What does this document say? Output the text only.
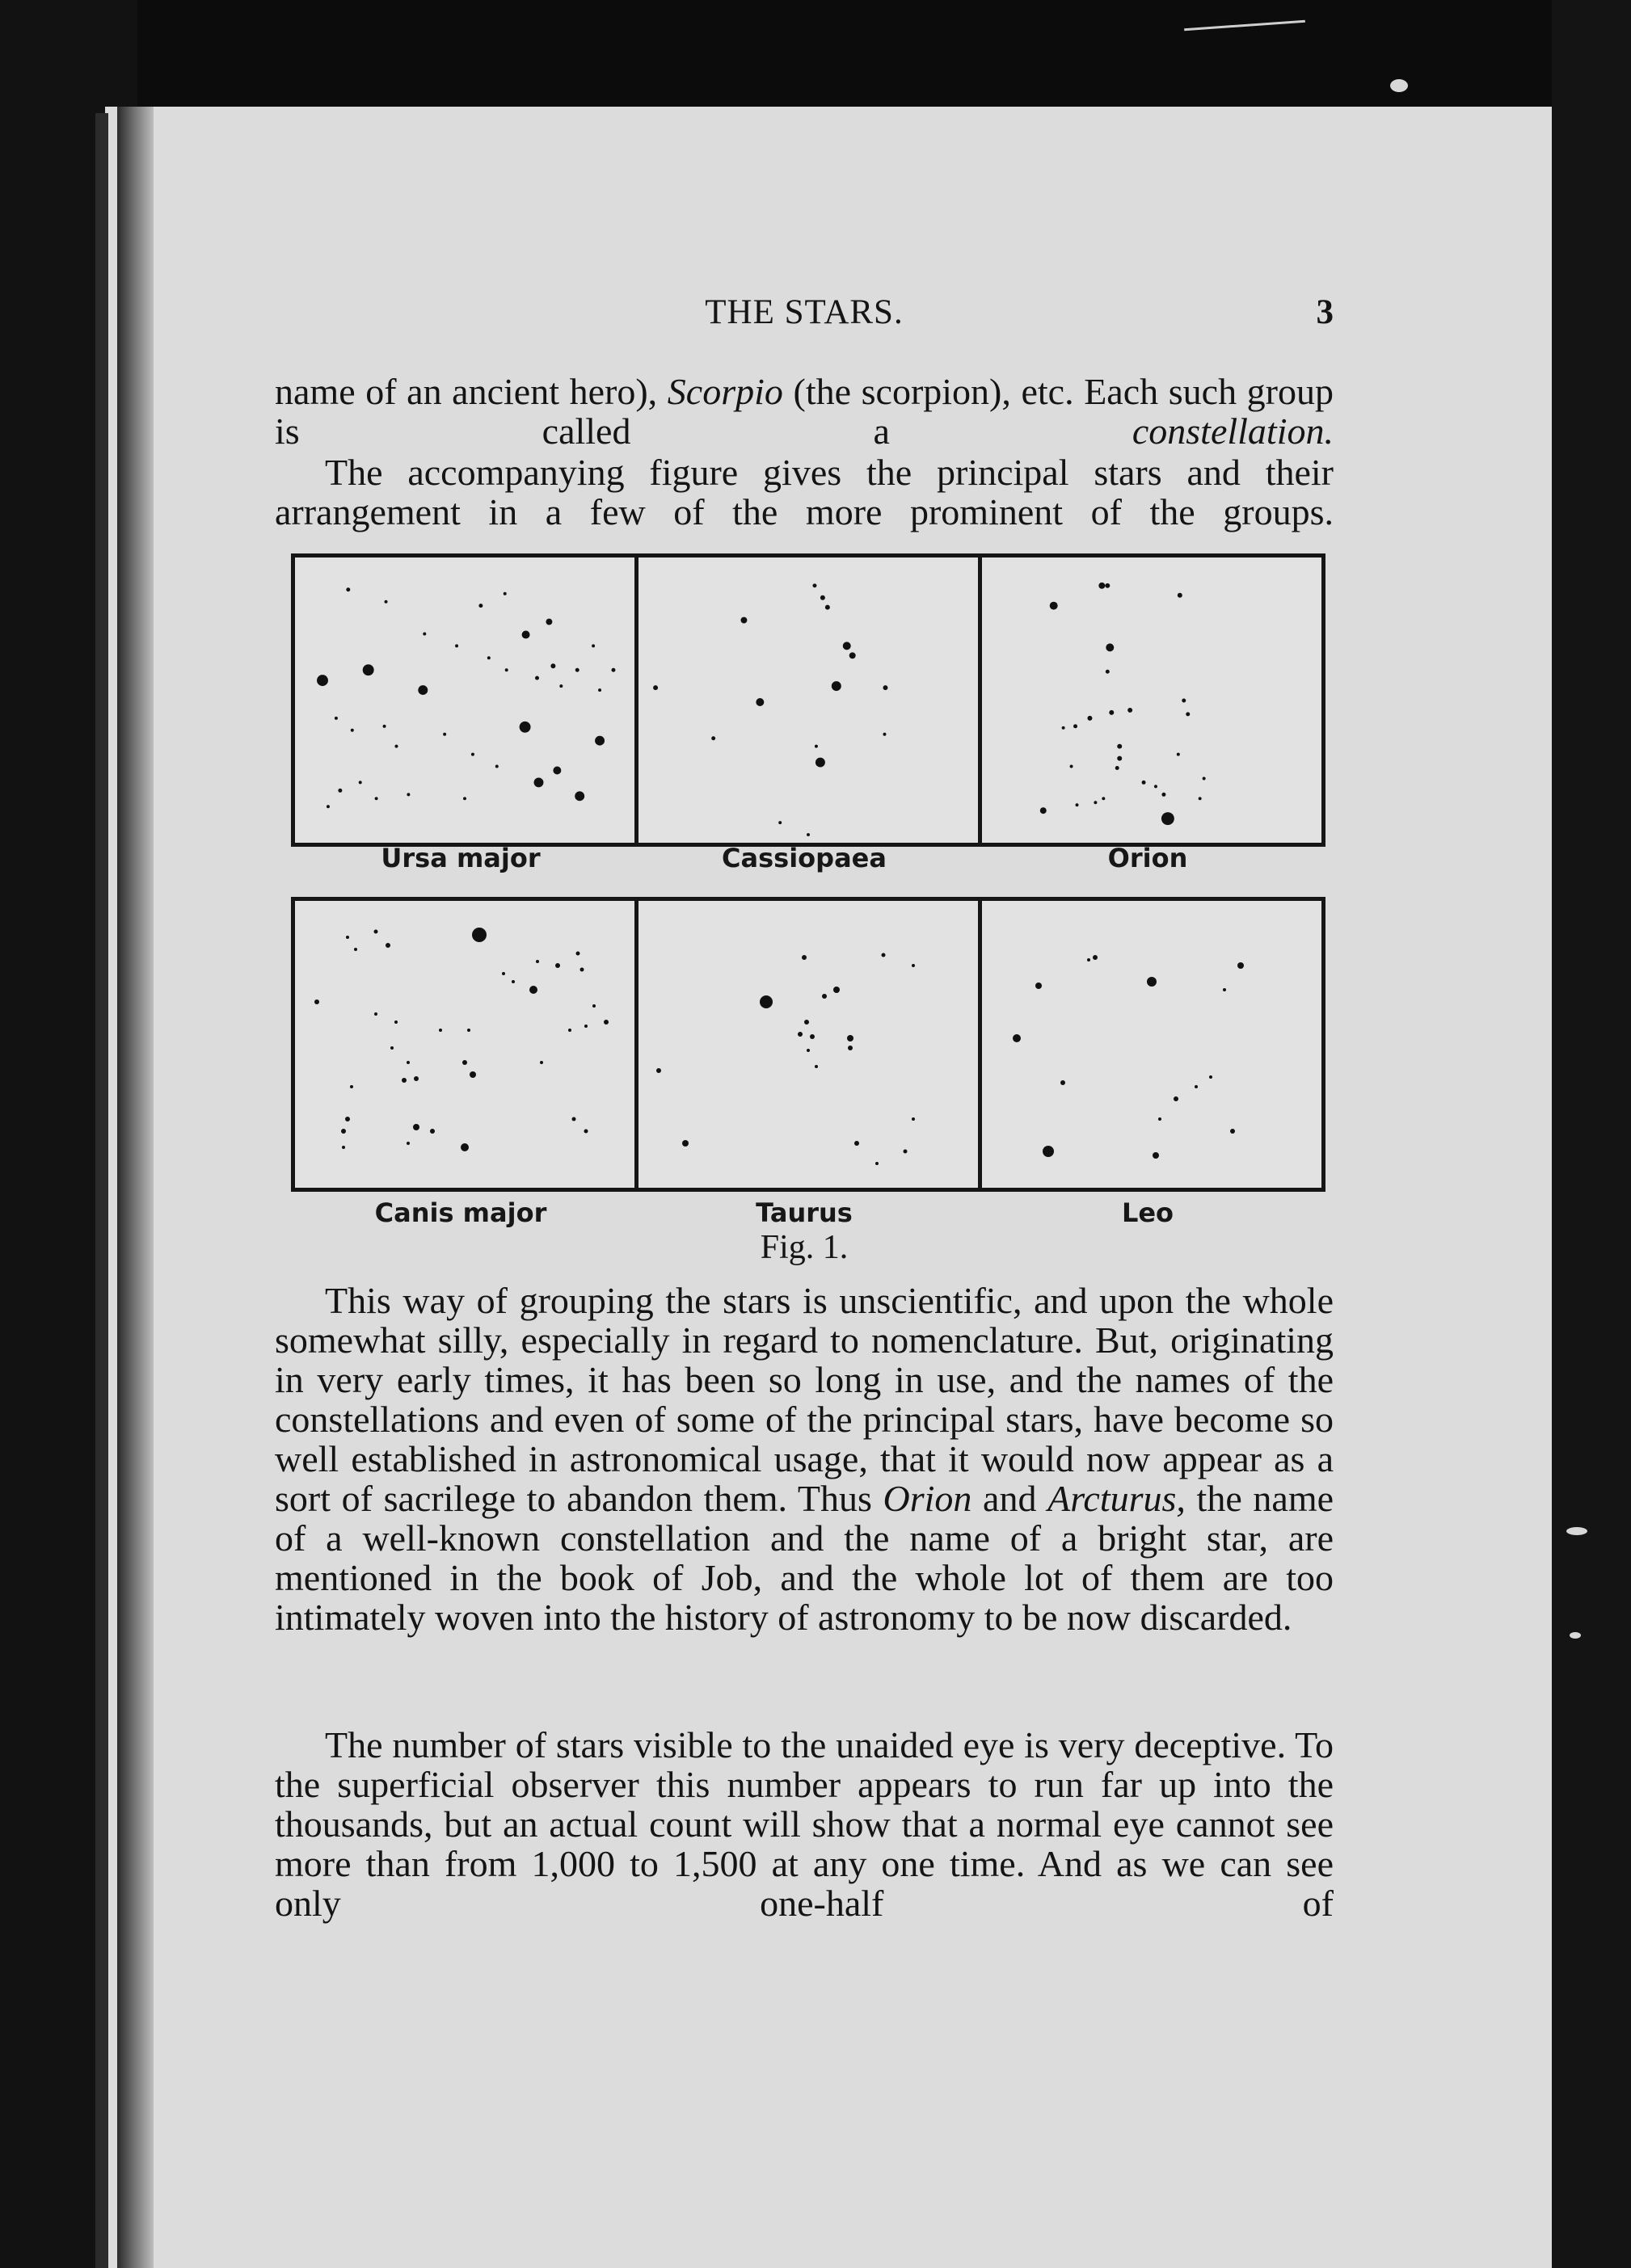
THE STARS.	3

name of an ancient hero), Scorpio (the scorpion), etc. Each such group is called a constellation.

The accompanying figure gives the principal stars and their arrangement in a few of the more prominent of the groups.

Ursa major	Cassiopaea	Orion
Canis major	Taurus	Leo
Fig. 1.

This way of grouping the stars is unscientific, and upon the whole somewhat silly, especially in regard to nomenclature. But, originating in very early times, it has been so long in use, and the names of the constellations and even of some of the principal stars, have become so well established in astronomical usage, that it would now appear as a sort of sacrilege to abandon them. Thus Orion and Arcturus, the name of a well-known constellation and the name of a bright star, are mentioned in the book of Job, and the whole lot of them are too intimately woven into the history of astronomy to be now discarded.

The number of stars visible to the unaided eye is very deceptive. To the superficial observer this number appears to run far up into the thousands, but an actual count will show that a normal eye cannot see more than from 1,000 to 1,500 at any one time. And as we can see only one-half of
